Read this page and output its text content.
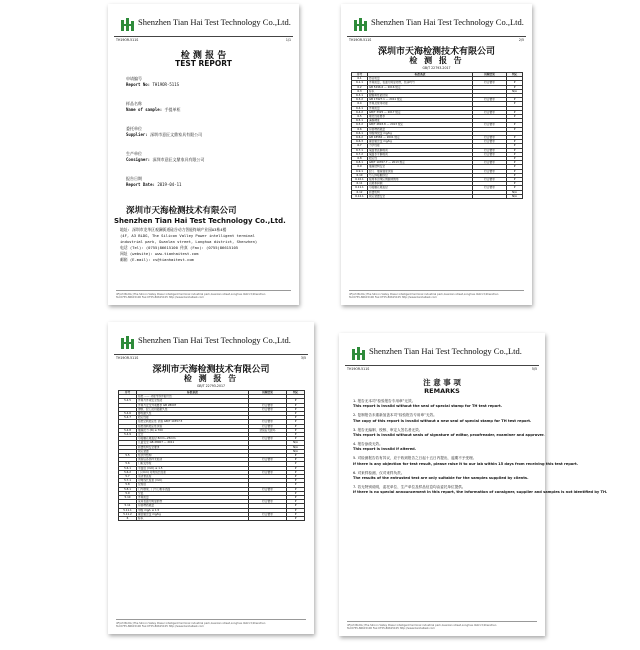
Shenzhen Tian Hai Test Technology Co.,Ltd.
TH19OR-511S	1/1
检 测 报 告
TEST REPORT
申请编号
Report No: TH19OR-511S
样品名称
Name of sample: 手提单柜
委托单位
Supplier: 深圳市意匠文鼎家具有限公司
生产单位
Consigner: 深圳市意匠文鼎家具有限公司
报告日期
Report Date: 2019-04-11
深圳市天海检测技术有限公司
Shenzhen Tian Hai Test Technology Co.,Ltd.
地址: 深圳市龙华区观澜街道硅谷动力智能终端产业园A3栋4楼
(4F, A3 BLDG, The Silicon Valley Power intelligent terminal
industrial park, Guanlan street, Longhua district, Shenzhen)
电话 (Tel): (0755)86615100 传真 (Fax): (0755)86615105
网址 (website): www.tianhaitest.com
邮箱 (E-mail): cs@tianhaitest.com
4F(A3 BLDG.)The Silicon Valley Power intelligent terminal industrial park,Guanlan street,Longhua district,Shenzhen
Tel:0755-86615100 Fax:0755-86615105 http://www.tianhaitest.com
Shenzhen Tian Hai Test Technology Co.,Ltd.
TH19OR-511S	2/5
深圳市天海检测技术有限公司
检 测 报 告
GB/T 22793-2017
序号	标准条款	试验结果	判定
6.1	感官质量		
6.1.1	外观质量，表面无明显划伤，色泽均匀	符合要求	P
6.2	GB 5296.6 — 2016 规定		P
6.3	标识		N/A
6.3.1	耐烟雾性能试验		
6.3.2	GB 17927.1 — 2011 规定	符合要求	P
6.4	外观及使用功能		P
6.4.1	外观质量		
6.4.2	GB/T 3325 — 2017 规定	符合要求	P
6.5	理化性能要求		P
6.5.1	漆膜硬度		
6.5.2	GB/T 4893.8 — 2013 规定	符合要求	P
6.6	有害物质限量		P
6.6.1	甲醛释放量 mg/kg		
6.6.2	GB 18584 — 2001 规定	符合要求	P
6.6.3	重金属含量 mg/kg	符合要求	P
6.7	力学性能		P
6.7.1	桌面垂直静载荷	符合要求	P
6.7.2	桌面水平静载荷	符合要求	P
6.8	稳定性		P
6.8.1	GB/T 10357.7 — 2013 规定	符合要求	P
6.9	抽屉结构安全		P
6.9.1	拉门、抽屉强度试验	符合要求	P
6.10	与人体接触部位		P
6.10.1	棱角和边缘应倒圆或倒角	符合要求	P
6.11	孔眼和间隙		P
6.11.1	可接触孔眼直径	符合要求	P
6.12	折叠机构		N/A
6.12.1	锁定装置安全		N/A
4F(A3 BLDG.)The Silicon Valley Power intelligent terminal industrial park,Guanlan street,Longhua district,Shenzhen
Tel:0755-86615100 Fax:0755-86615105 http://www.tianhaitest.com
Shenzhen Tian Hai Test Technology Co.,Ltd.
TH19OR-511S	3/5
深圳市天海检测技术有限公司
检 测 报 告
GB/T 22793-2017
序号	标准条款	试验结果	判定
	柜类 —— 功能零部件耐久性		
5.4.5	外观与外观安全性能		P
	外观与安全外观要求 GB 28007	符合要求	P
	滑轨、拉门及铰链耐久性	符合要求	P
5.4.6	脚轮耐久性		P
5.4.7	稳定性能		P
	柜类空载稳定性 试验 GB/T 10357.5	符合要求	P
	柜类加载稳定性试验	符合要求	P
5.4.8	抽屉拉力 (N) ≥ 700	试验后无损坏	P
5.4.9	安全		P
	可接触孔眼直径 8mm~25mm	符合要求	P
	儿童安全 GB 28007 — 2011		N/A
	折叠机构安全要求		N/A
	锁定装置		N/A
5.5	柱状件结构		P
	试验后各部件无松动	符合要求	P
5.6	门板变形度		P
5.6.1	平面度 (mm) ≤ 1.5		P
5.6.2	门 (mm) 对角线长度差	符合要求	P
5.7	邻边垂直度		P
5.7.1	对角线长度差 (mm)		P
5.8	位差度		P
5.8.1	门与框架、门与门相邻表面	符合要求	P
5.9	分层		P
5.10	外观质量		P
	家具表面无明显损伤	符合要求	P
5.11	有害物质限量		P
5.11.1	甲醛 mg/L ≤ 1.5		P
5.11.2	重金属含量 mg/kg	符合要求	P
6	标识		P
4F(A3 BLDG.)The Silicon Valley Power intelligent terminal industrial park,Guanlan street,Longhua district,Shenzhen
Tel:0755-86615100 Fax:0755-86615105 http://www.tianhaitest.com
Shenzhen Tian Hai Test Technology Co.,Ltd.
TH19OR-511S	5/5
注 意 事 项
REMARKS
1. 报告无本司“检验报告专用章”无效。
This report is invalid without the seal of special stamp for TH test report.
2. 复制报告未重新加盖本司“检验报告专用章”无效。
The copy of this report is invalid without a new seal of special stamp for TH test report.
3. 报告无编制、校核、审定人签名者无效。
This report is invalid without seals of signature of editor, proofreader, examiner and approver.
4. 报告涂改无效。
This report is invalid if altered.
5. 对检测报告若有异议，应于收到报告之日起十五日内提出，逾期不予受理。
If there is any objection for test result, please raise it to our lab within 15 days from receiving this test report.
6. 对来样检测，仅对来样负责。
The results of the entrusted test are only suitable for the samples supplied by clients.
7. 若无特别说明，委托单位、生产单位及样品信息均由委托单位提供。
If there is no special announcement in this report, the information of consigner, supplier and samples is not identified by TH.
4F(A3 BLDG.)The Silicon Valley Power intelligent terminal industrial park,Guanlan street,Longhua district,Shenzhen
Tel:0755-86615100 Fax:0755-86615105 http://www.tianhaitest.com
